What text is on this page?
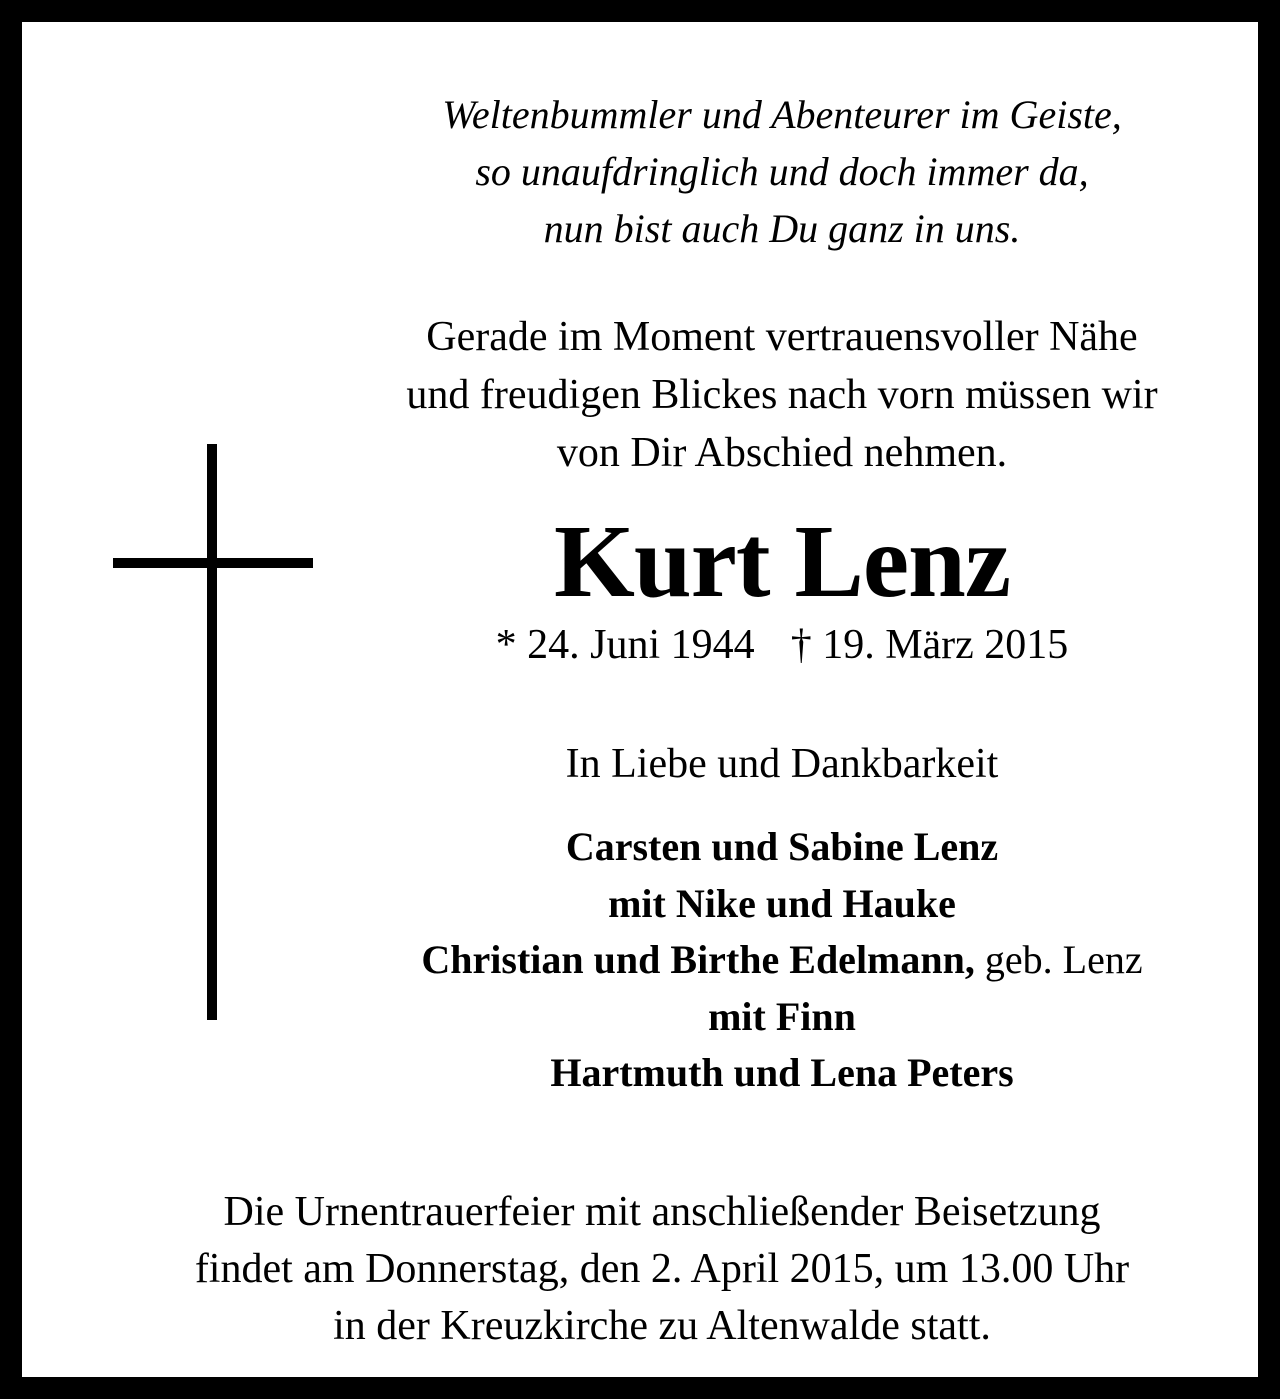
Weltenbummler und Abenteurer im Geiste,
so unaufdringlich und doch immer da,
nun bist auch Du ganz in uns.
Gerade im Moment vertrauensvoller Nähe
und freudigen Blickes nach vorn müssen wir
von Dir Abschied nehmen.
Kurt Lenz
* 24. Juni 1944 † 19. März 2015
In Liebe und Dankbarkeit
Carsten und Sabine Lenz
mit Nike und Hauke
Christian und Birthe Edelmann, geb. Lenz
mit Finn
Hartmuth und Lena Peters
Die Urnentrauerfeier mit anschließender Beisetzung
findet am Donnerstag, den 2. April 2015, um 13.00 Uhr
in der Kreuzkirche zu Altenwalde statt.
